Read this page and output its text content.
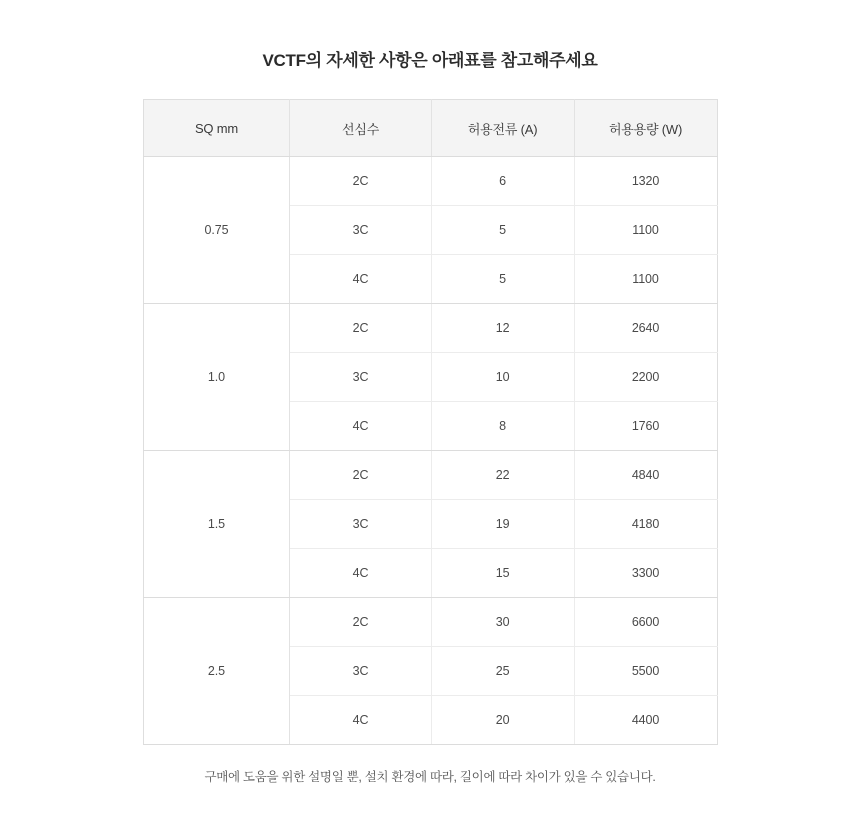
VCTF의 자세한 사항은 아래표를 참고해주세요
SQ mm	선심수	허용전류 (A)	허용용량 (W)
0.75	2C	6	1320
	3C	5	1100
	4C	5	1100
1.0	2C	12	2640
	3C	10	2200
	4C	8	1760
1.5	2C	22	4840
	3C	19	4180
	4C	15	3300
2.5	2C	30	6600
	3C	25	5500
	4C	20	4400
구매에 도움을 위한 설명일 뿐, 설치 환경에 따라, 길이에 따라 차이가 있을 수 있습니다.
